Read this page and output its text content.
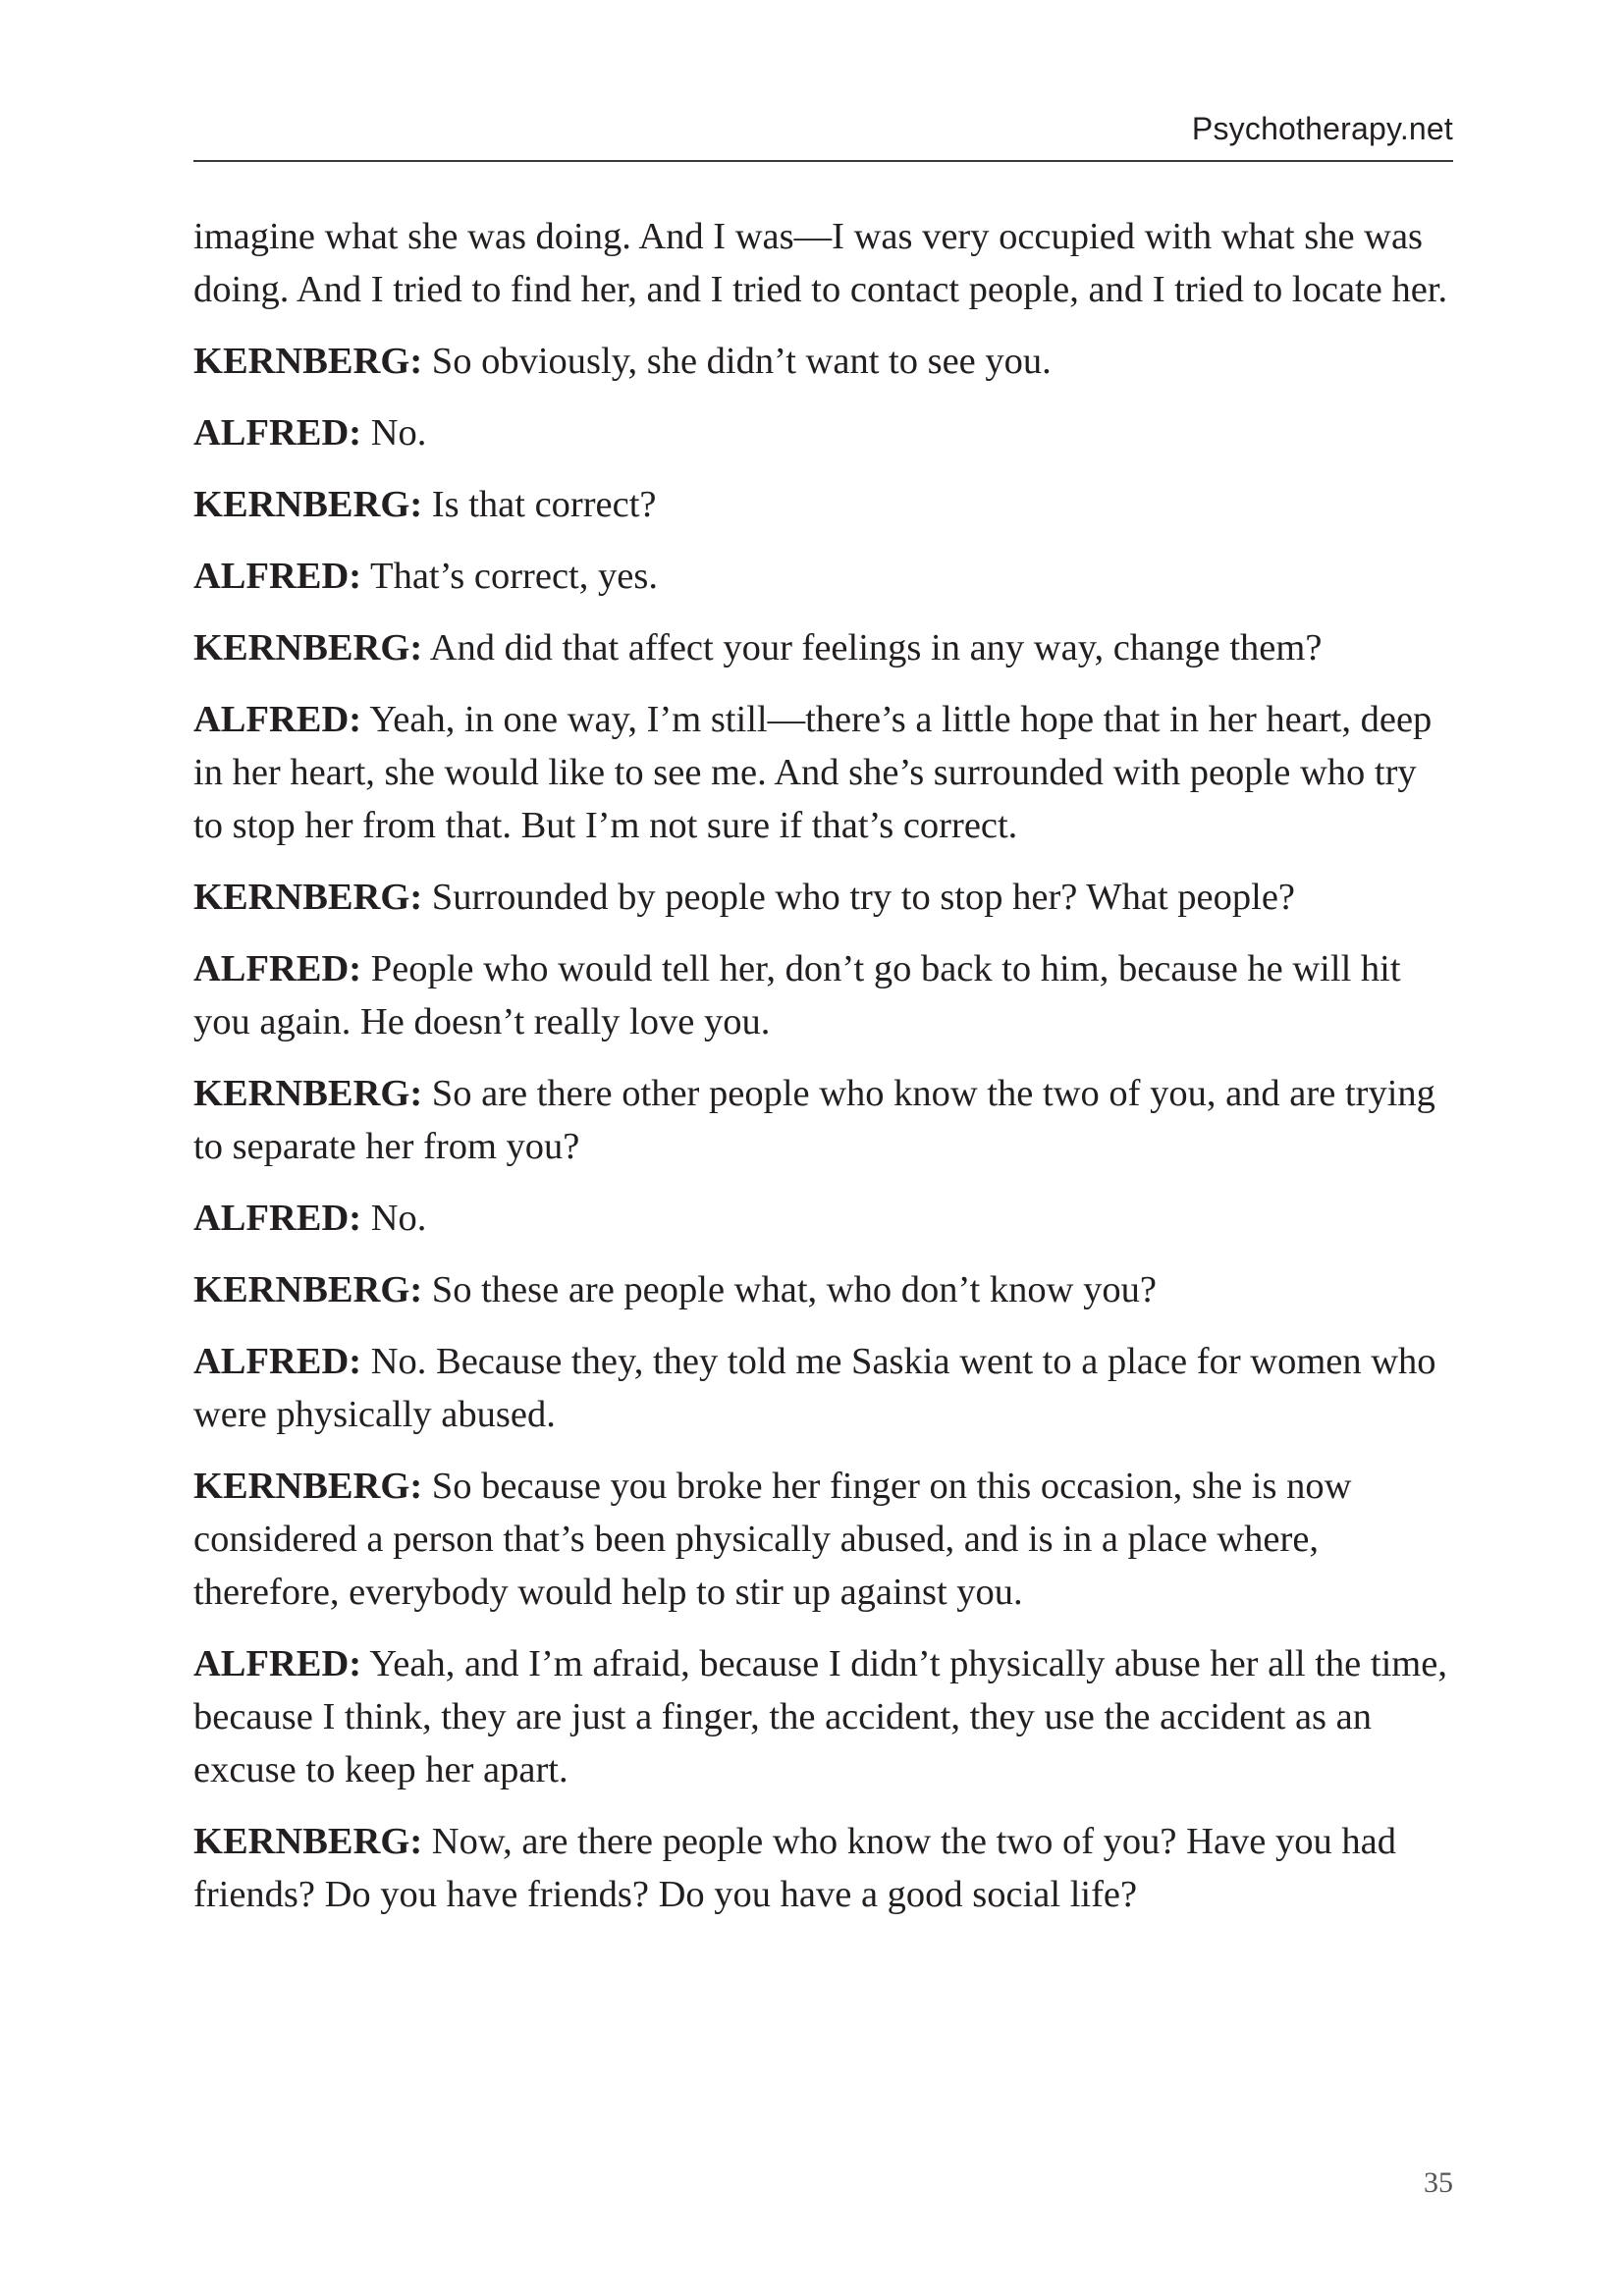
Psychotherapy.net

imagine what she was doing. And I was—I was very occupied with what she was doing. And I tried to find her, and I tried to contact people, and I tried to locate her.

KERNBERG: So obviously, she didn’t want to see you.

ALFRED: No.

KERNBERG: Is that correct?

ALFRED: That’s correct, yes.

KERNBERG: And did that affect your feelings in any way, change them?

ALFRED: Yeah, in one way, I’m still—there’s a little hope that in her heart, deep in her heart, she would like to see me. And she’s surrounded with people who try to stop her from that. But I’m not sure if that’s correct.

KERNBERG: Surrounded by people who try to stop her? What people?

ALFRED: People who would tell her, don’t go back to him, because he will hit you again. He doesn’t really love you.

KERNBERG: So are there other people who know the two of you, and are trying to separate her from you?

ALFRED: No.

KERNBERG: So these are people what, who don’t know you?

ALFRED: No. Because they, they told me Saskia went to a place for women who were physically abused.

KERNBERG: So because you broke her finger on this occasion, she is now considered a person that’s been physically abused, and is in a place where, therefore, everybody would help to stir up against you.

ALFRED: Yeah, and I’m afraid, because I didn’t physically abuse her all the time, because I think, they are just a finger, the accident, they use the accident as an excuse to keep her apart.

KERNBERG: Now, are there people who know the two of you? Have you had friends? Do you have friends? Do you have a good social life?

35
